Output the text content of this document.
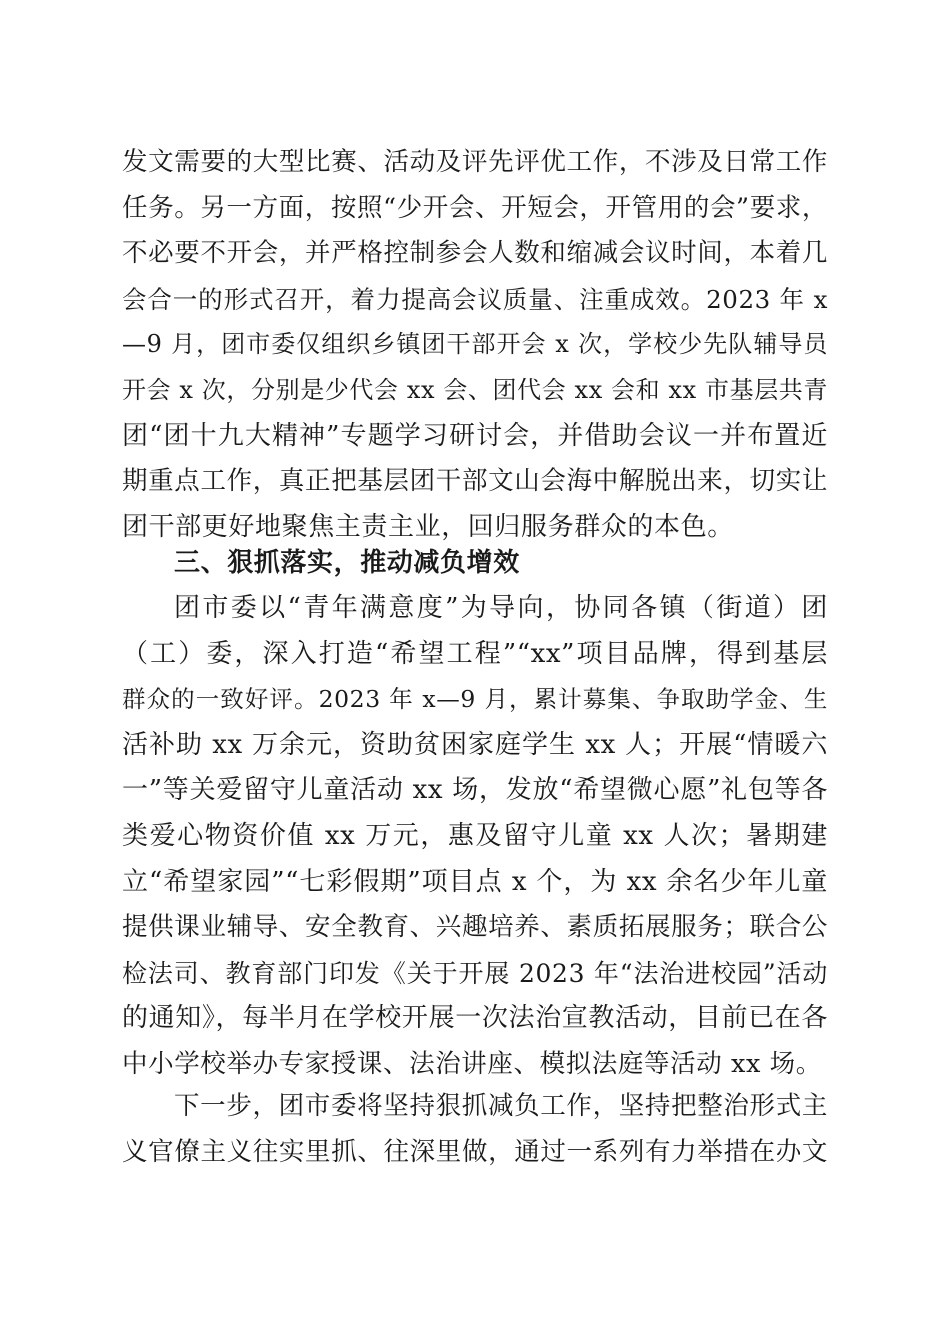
发文需要的大型比赛、活动及评先评优工作，不涉及日常工作
任务。另一方面，按照“少开会、开短会，开管用的会”要求，
不必要不开会，并严格控制参会人数和缩减会议时间，本着几
会合一的形式召开，着力提高会议质量、注重成效。2023 年 x
—9 月，团市委仅组织乡镇团干部开会 x 次，学校少先队辅导员
开会 x 次，分别是少代会 xx 会、团代会 xx 会和 xx 市基层共青
团“团十九大精神”专题学习研讨会，并借助会议一并布置近
期重点工作，真正把基层团干部文山会海中解脱出来，切实让
团干部更好地聚焦主责主业，回归服务群众的本色。
三、狠抓落实，推动减负增效
团市委以“青年满意度”为导向，协同各镇（街道）团
（工）委，深入打造“希望工程”“xx”项目品牌，得到基层
群众的一致好评。2023 年 x—9 月，累计募集、争取助学金、生
活补助 xx 万余元，资助贫困家庭学生 xx 人；开展“情暖六
一”等关爱留守儿童活动 xx 场，发放“希望微心愿”礼包等各
类爱心物资价值 xx 万元，惠及留守儿童 xx 人次；暑期建
立“希望家园”“七彩假期”项目点 x 个，为 xx 余名少年儿童
提供课业辅导、安全教育、兴趣培养、素质拓展服务；联合公
检法司、教育部门印发《关于开展 2023 年“法治进校园”活动
的通知》，每半月在学校开展一次法治宣教活动，目前已在各
中小学校举办专家授课、法治讲座、模拟法庭等活动 xx 场。
下一步，团市委将坚持狠抓减负工作，坚持把整治形式主
义官僚主义往实里抓、往深里做，通过一系列有力举措在办文
